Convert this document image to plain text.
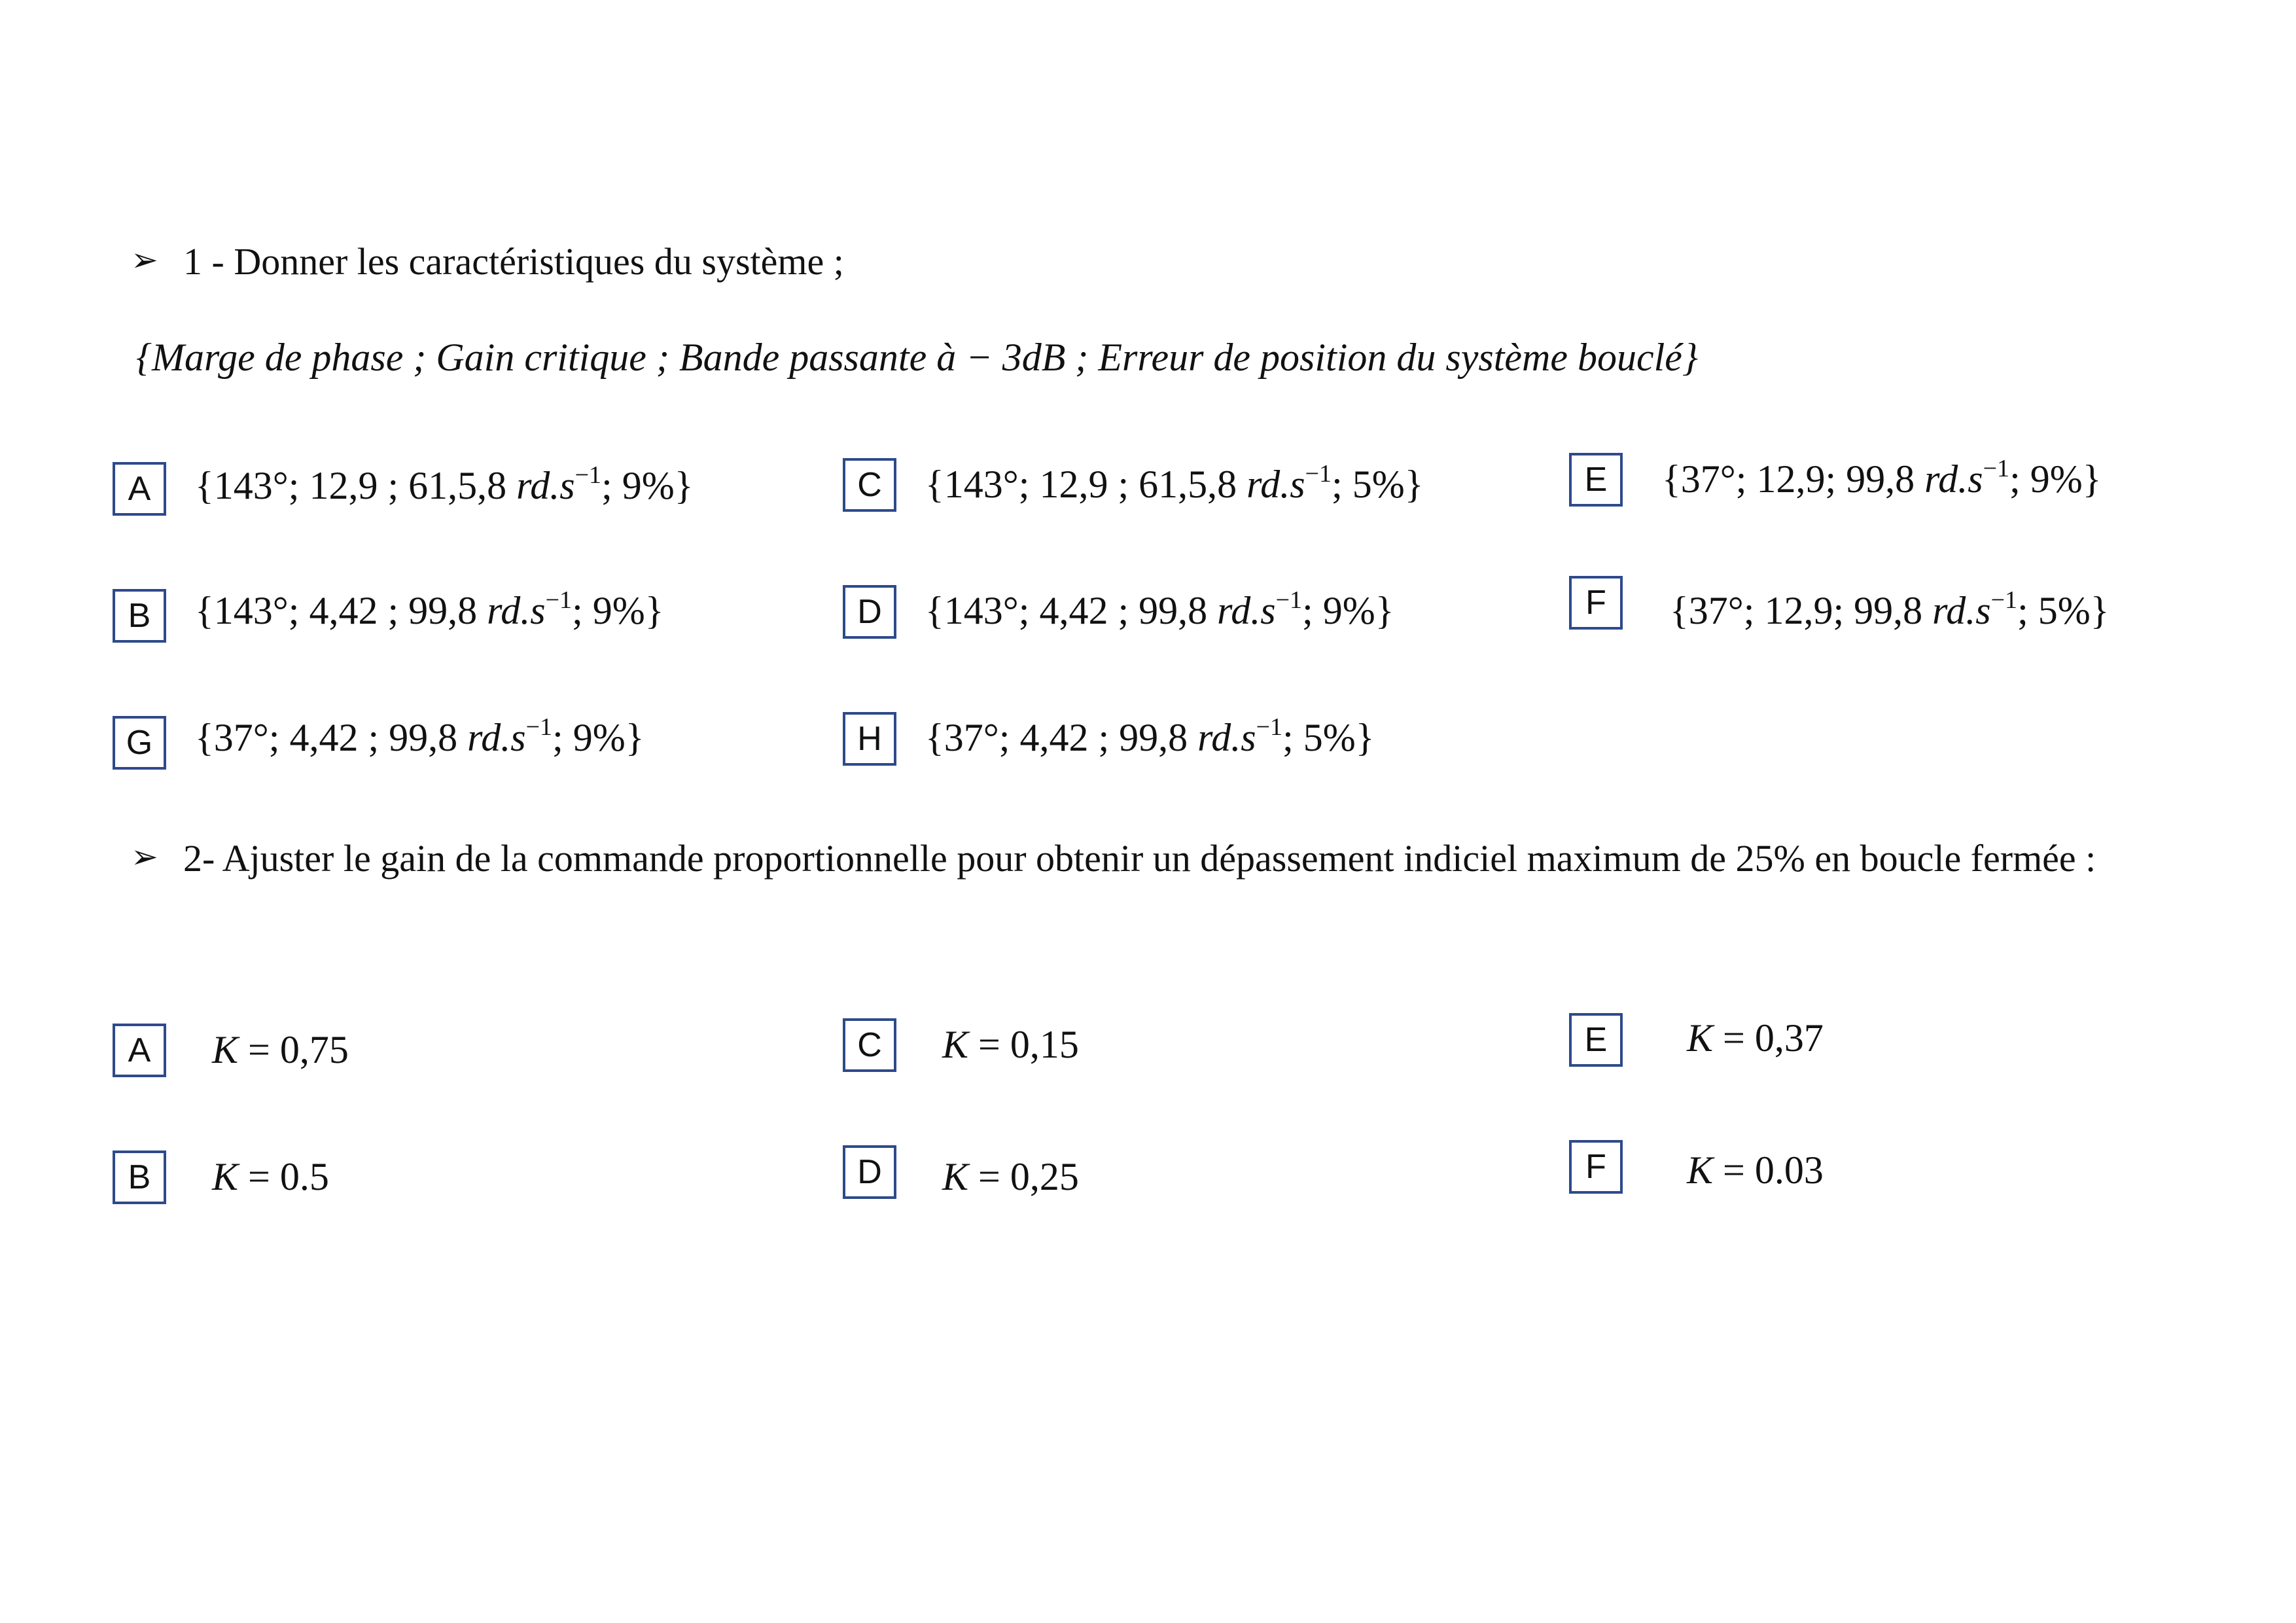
➢ 1 - Donner les caractéristiques du système ;
{Marge de phase ; Gain critique ; Bande passante à − 3dB ; Erreur de position du système bouclé}
A	{143°; 12,9 ; 61,5,8 $rd.s^{-1}$; 9%}
B	{143°; 4,42 ; 99,8 $rd.s^{-1}$; 9%}
G	{37°; 4,42 ; 99,8 $rd.s^{-1}$; 9%}
C	{143°; 12,9 ; 61,5,8 $rd.s^{-1}$; 5%}
D	{143°; 4,42 ; 99,8 $rd.s^{-1}$; 9%}
H	{37°; 4,42 ; 99,8 $rd.s^{-1}$; 5%}
E	{37°; 12,9; 99,8 $rd.s^{-1}$; 9%}
F	{37°; 12,9; 99,8 $rd.s^{-1}$; 5%}
➢ 2- Ajuster le gain de la commande proportionnelle pour obtenir un dépassement indiciel maximum de 25% en boucle fermée :
A	K = 0,75
B	K = 0.5
C	K = 0,15
D	K = 0,25
E	K = 0,37
F	K = 0.03
